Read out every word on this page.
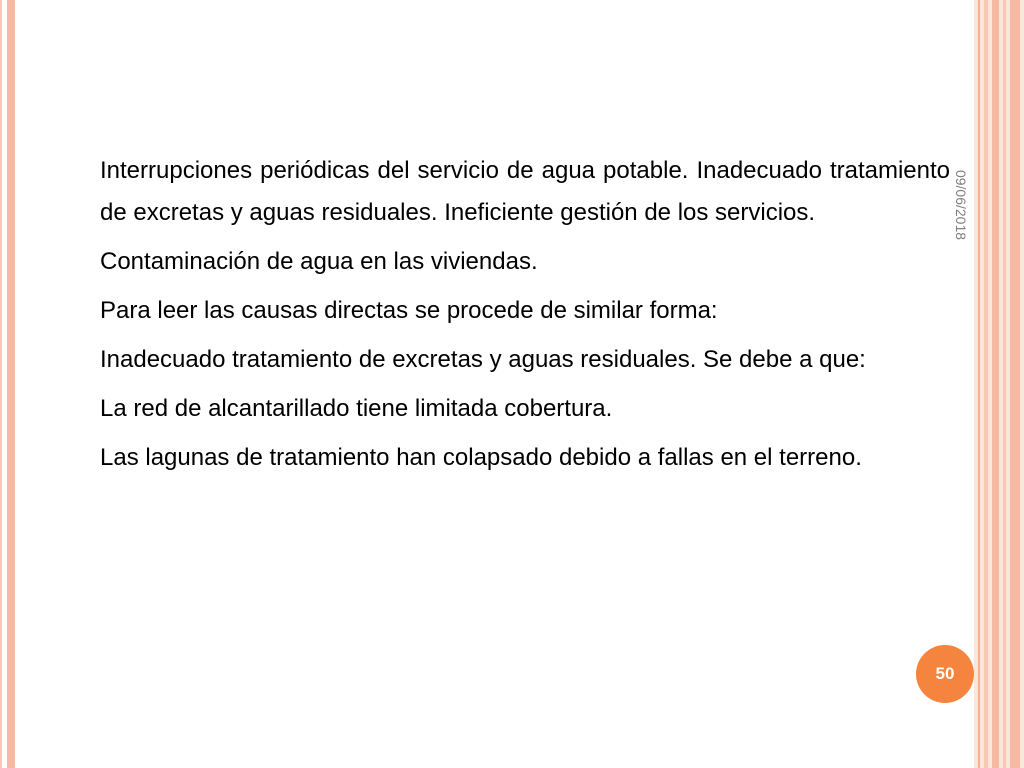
09/06/2018

Interrupciones periódicas del servicio de agua potable. Inadecuado tratamiento de excretas y aguas residuales. Ineficiente gestión de los servicios.

Contaminación de agua en las viviendas.

Para leer las causas directas se procede de similar forma:

Inadecuado tratamiento de excretas y aguas residuales. Se debe a que:

La red de alcantarillado tiene limitada cobertura.

Las lagunas de tratamiento han colapsado debido a fallas en el terreno.

50
